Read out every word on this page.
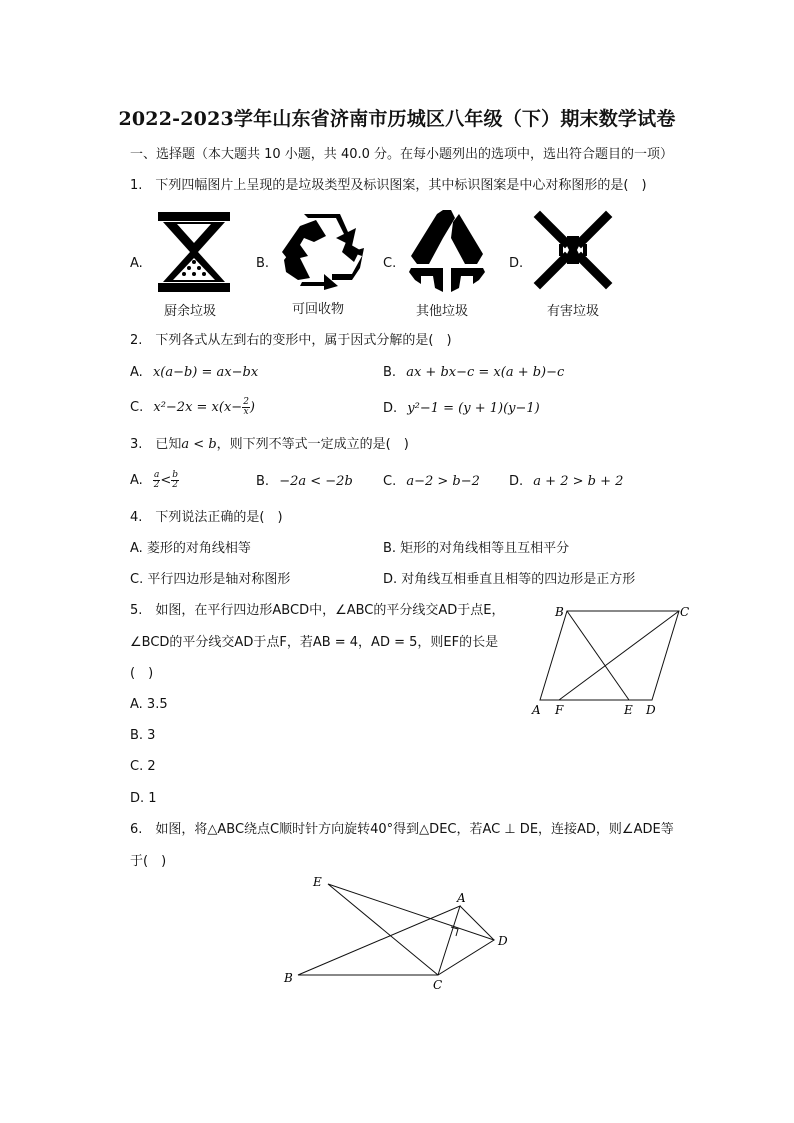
2022-2023学年山东省济南市历城区八年级（下）期末数学试卷
一、选择题（本大题共 10 小题，共 40.0 分。在每小题列出的选项中，选出符合题目的一项）
1.　下列四幅图片上呈现的是垃圾类型及标识图案，其中标识图案是中心对称图形的是(　)
A.
厨余垃圾
B.
可回收物
C.
其他垃圾
D.
有害垃圾
2.　下列各式从左到右的变形中，属于因式分解的是(　)
A. x(a−b) = ax−bx	B. ax + bx−c = x(a + b)−c
C. $x^2-2x = x(x- \frac{2}{x}$ )	D. y²−1 = (y + 1)(y−1)
3.　已知a < b，则下列不等式一定成立的是(　)
A. $\frac{a}{2} < \frac{b}{2}$	B. −2a < −2b C. a−2 > b−2 D. a + 2 > b + 2
4.　下列说法正确的是(　)
A. 菱形的对角线相等	B. 矩形的对角线相等且互相平分
C. 平行四边形是轴对称图形	D. 对角线互相垂直且相等的四边形是正方形
5.　如图，在平行四边形ABCD中，∠ABC的平分线交AD于点E，
∠BCD的平分线交AD于点F，若AB = 4，AD = 5，则EF的长是
(　)
A. 3.5
B. 3
C. 2
D. 1
B	C
A F	E D
6.　如图，将△ABC绕点C顺时针方向旋转40°得到△DEC，若AC ⊥ DE，连接AD，则∠ADE等
于(　)
E
A
D
B	C
